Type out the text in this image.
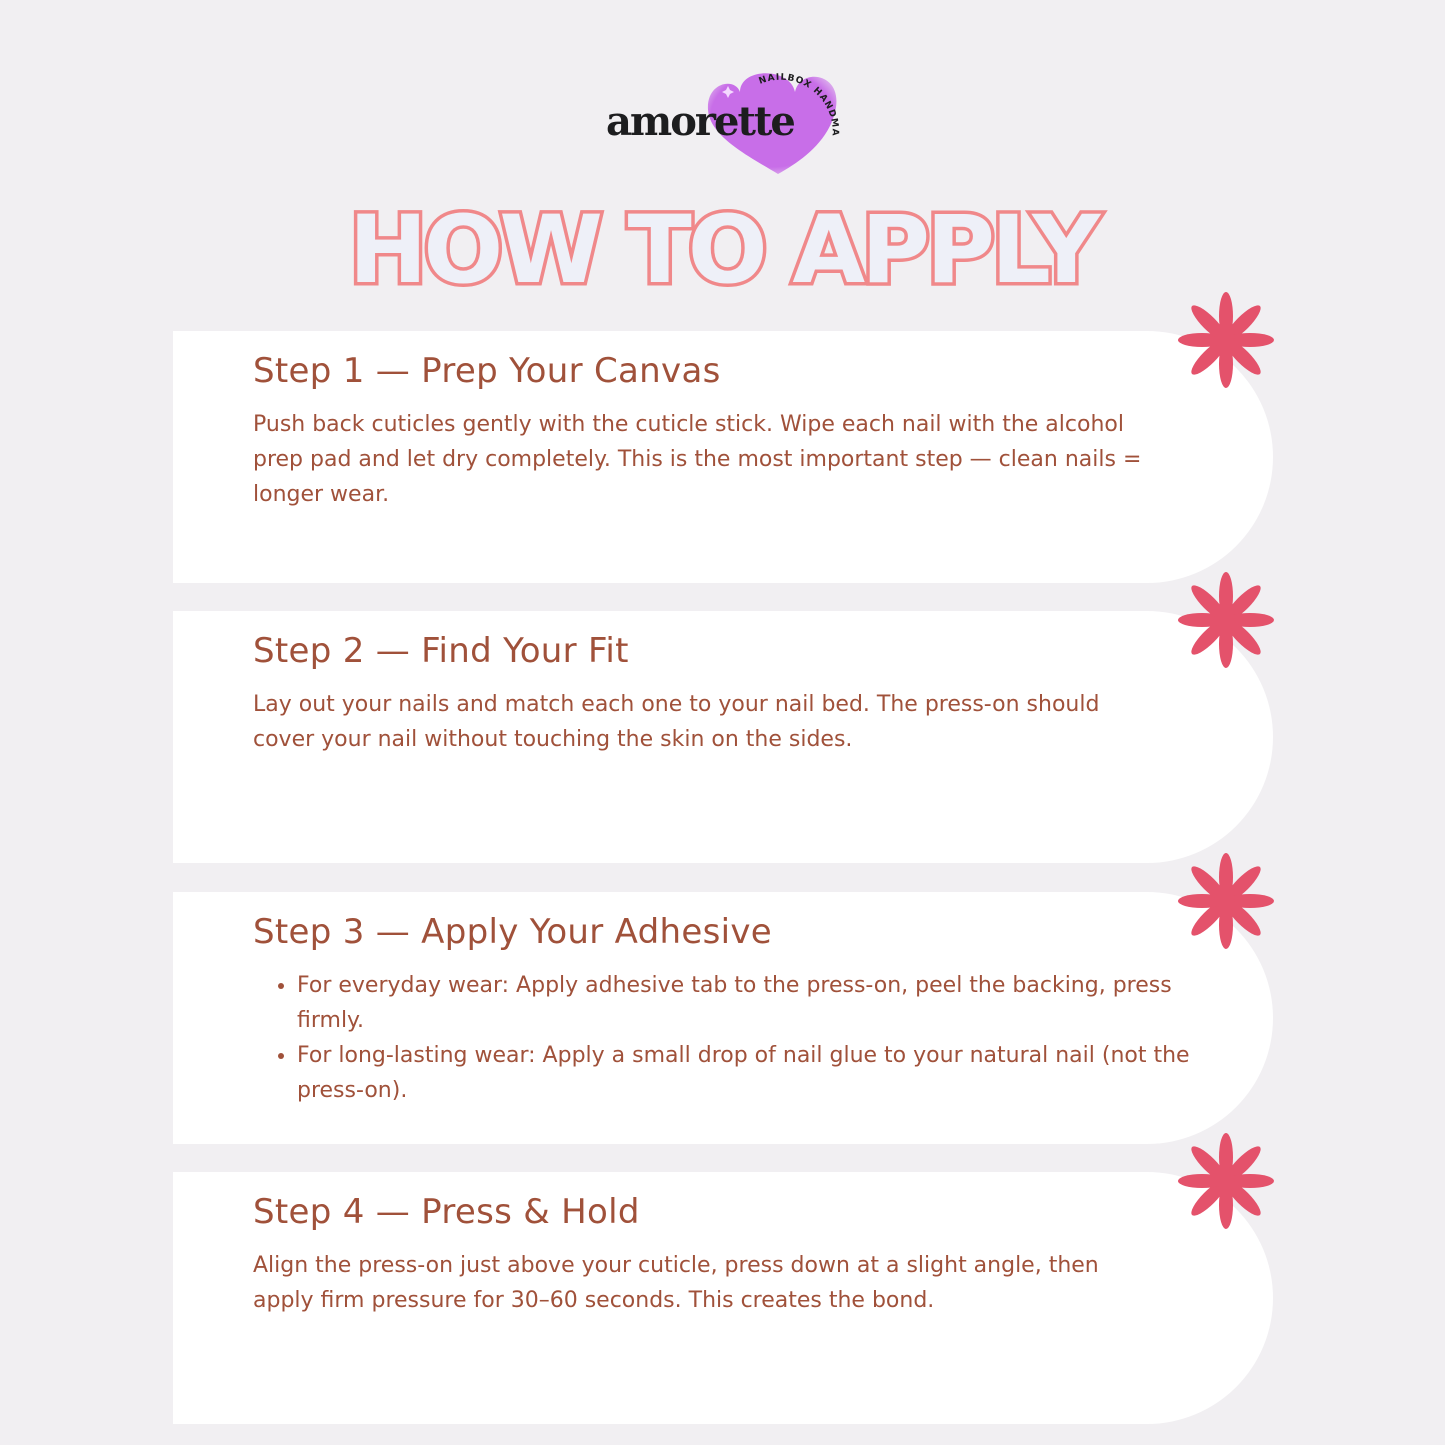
NAILBOX HANDMADE
amorette
HOW TO APPLY
Step 1 — Prep Your Canvas

Push back cuticles gently with the cuticle stick. Wipe each nail with the alcohol prep pad and let dry completely. This is the most important step — clean nails = longer wear.

Step 2 — Find Your Fit

Lay out your nails and match each one to your nail bed. The press-on should cover your nail without touching the skin on the sides.

Step 3 — Apply Your Adhesive
• For everyday wear: Apply adhesive tab to the press-on, peel the backing, press firmly.
• For long-lasting wear: Apply a small drop of nail glue to your natural nail (not the press-on).
Step 4 — Press & Hold

Align the press-on just above your cuticle, press down at a slight angle, then apply firm pressure for 30–60 seconds. This creates the bond.
